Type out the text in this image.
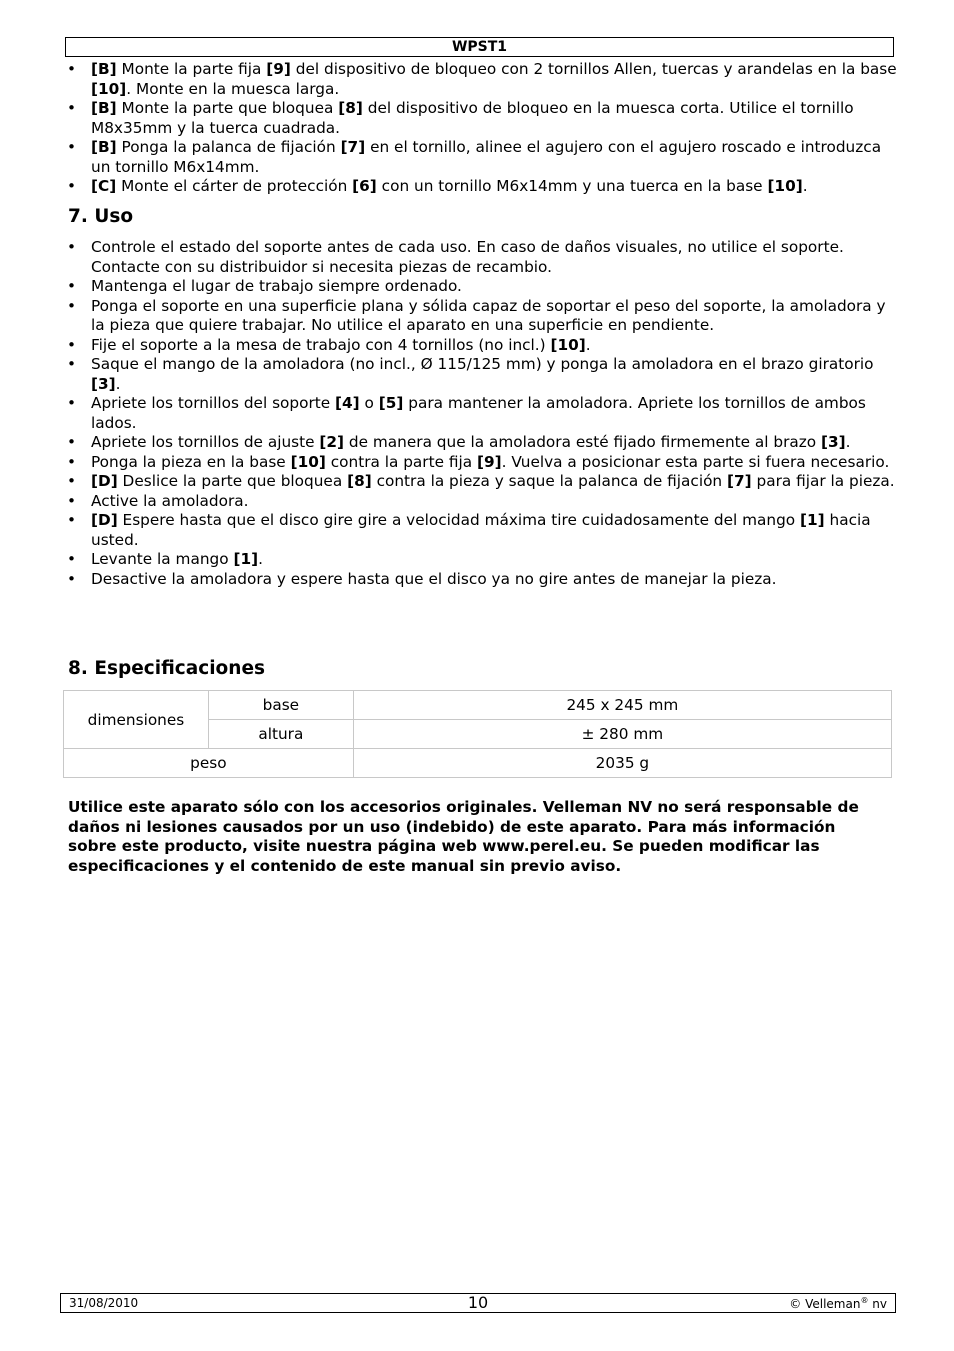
WPST1
• [B] Monte la parte fija [9] del dispositivo de bloqueo con 2 tornillos Allen, tuercas y arandelas en la base [10]. Monte en la muesca larga.
• [B] Monte la parte que bloquea [8] del dispositivo de bloqueo en la muesca corta. Utilice el tornillo M8x35mm y la tuerca cuadrada.
• [B] Ponga la palanca de fijación [7] en el tornillo, alinee el agujero con el agujero roscado e introduzca un tornillo M6x14mm.
• [C] Monte el cárter de protección [6] con un tornillo M6x14mm y una tuerca en la base [10].
7. Uso
• Controle el estado del soporte antes de cada uso. En caso de daños visuales, no utilice el soporte. Contacte con su distribuidor si necesita piezas de recambio.
• Mantenga el lugar de trabajo siempre ordenado.
• Ponga el soporte en una superficie plana y sólida capaz de soportar el peso del soporte, la amoladora y la pieza que quiere trabajar. No utilice el aparato en una superficie en pendiente.
• Fije el soporte a la mesa de trabajo con 4 tornillos (no incl.) [10].
• Saque el mango de la amoladora (no incl., Ø 115/125 mm) y ponga la amoladora en el brazo giratorio [3].
• Apriete los tornillos del soporte [4] o [5] para mantener la amoladora. Apriete los tornillos de ambos lados.
• Apriete los tornillos de ajuste [2] de manera que la amoladora esté fijado firmemente al brazo [3].
• Ponga la pieza en la base [10] contra la parte fija [9]. Vuelva a posicionar esta parte si fuera necesario.
• [D] Deslice la parte que bloquea [8] contra la pieza y saque la palanca de fijación [7] para fijar la pieza.
• Active la amoladora.
• [D] Espere hasta que el disco gire gire a velocidad máxima tire cuidadosamente del mango [1] hacia usted.
• Levante la mango [1].
• Desactive la amoladora y espere hasta que el disco ya no gire antes de manejar la pieza.
8. Especificaciones
dimensiones	base	245 x 245 mm
	altura	± 280 mm
peso		2035 g

Utilice este aparato sólo con los accesorios originales. Velleman NV no será responsable de daños ni lesiones causados por un uso (indebido) de este aparato. Para más información sobre este producto, visite nuestra página web www.perel.eu. Se pueden modificar las especificaciones y el contenido de este manual sin previo aviso.

31/08/2010	10	© Velleman® nv
